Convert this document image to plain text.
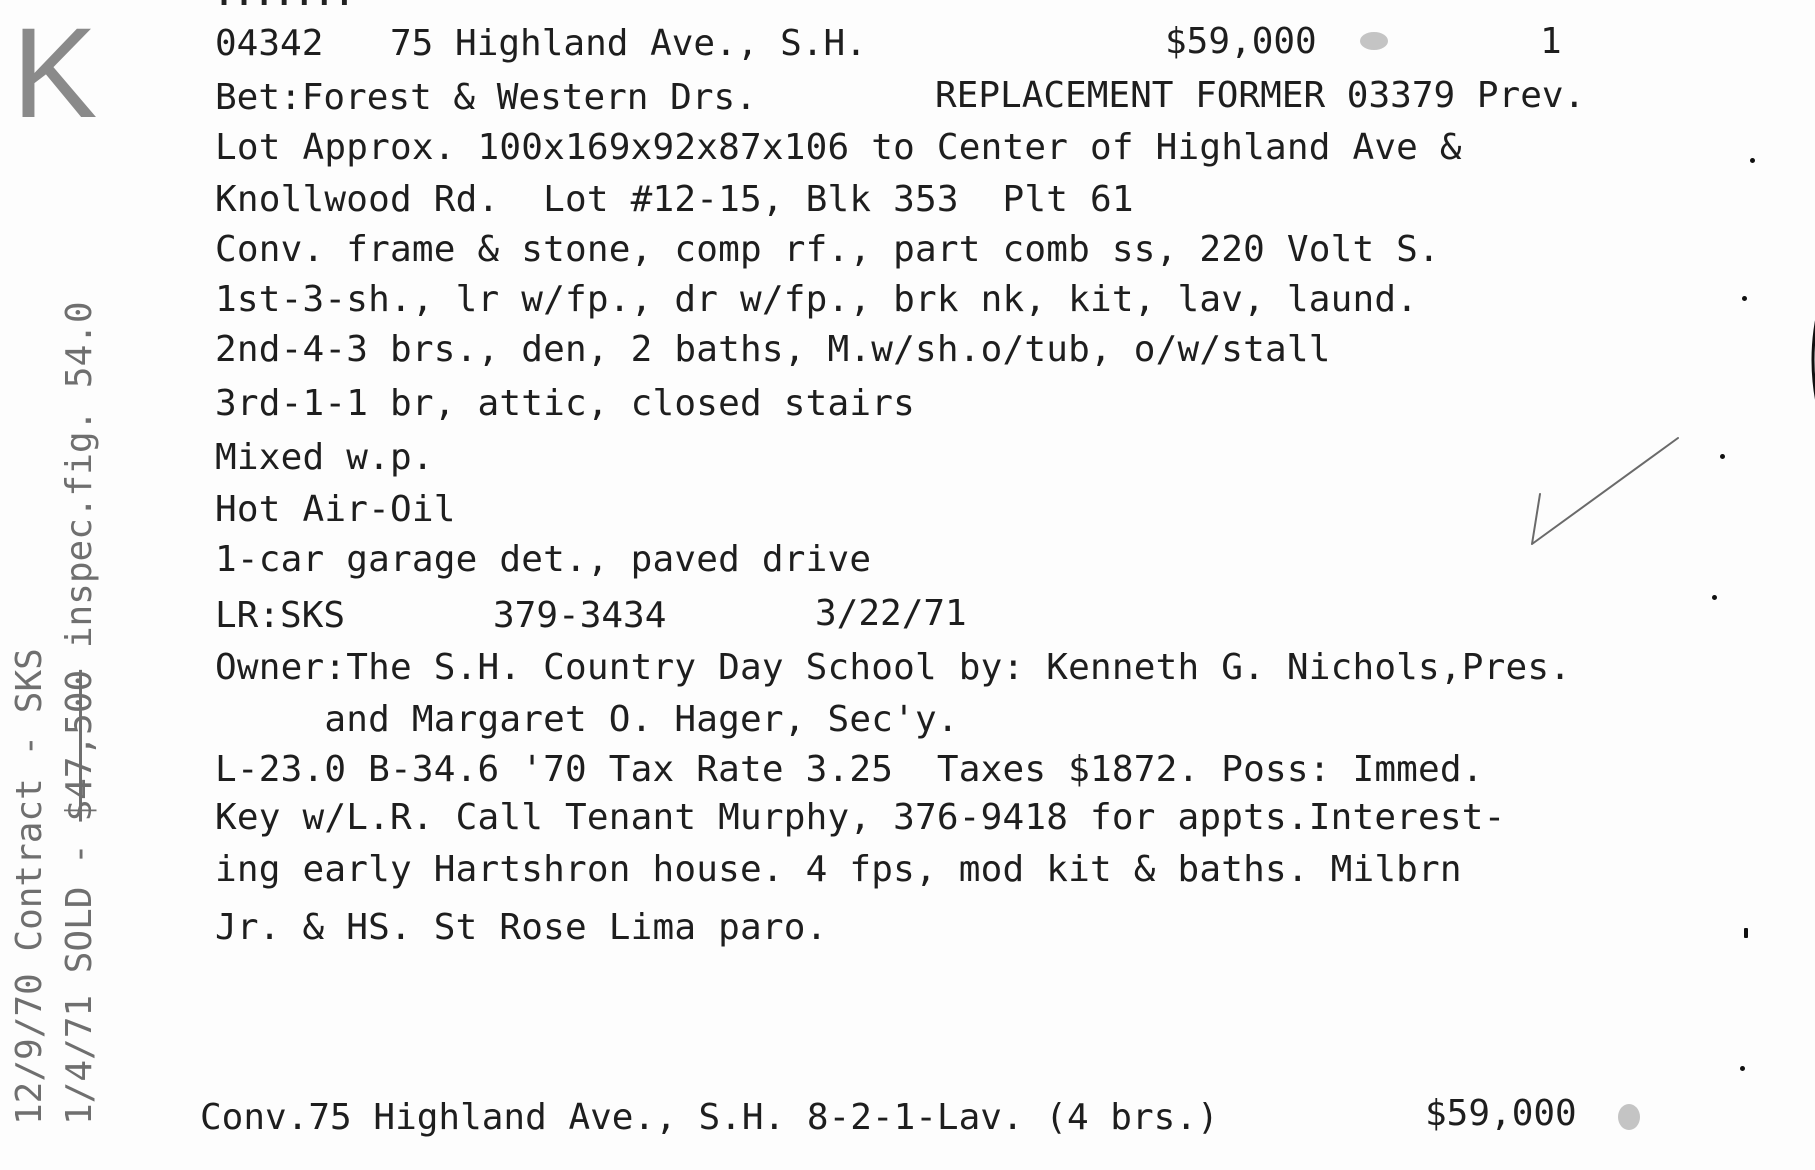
·······
K
12/9/70 Contract - SKS 1/4/71 SOLD - $47,500 inspec.fig. 54.0
04342 75 Highland Ave., S.H.	$59,000	1
Bet:Forest & Western Drs.	REPLACEMENT FORMER 03379 Prev.
Lot Approx. 100x169x92x87x106 to Center of Highland Ave &
Knollwood Rd.  Lot #12-15, Blk 353  Plt 61
Conv. frame & stone, comp rf., part comb ss, 220 Volt S.
1st-3-sh., lr w/fp., dr w/fp., brk nk, kit, lav, laund.
2nd-4-3 brs., den, 2 baths, M.w/sh.o/tub, o/w/stall
3rd-1-1 br, attic, closed stairs
Mixed w.p.
Hot Air-Oil
1-car garage det., paved drive
LR:SKS	379-3434	3/22/71
Owner:The S.H. Country Day School by: Kenneth G. Nichols,Pres.
and Margaret O. Hager, Sec'y.
L-23.0 B-34.6 '70 Tax Rate 3.25  Taxes $1872. Poss: Immed.
Key w/L.R. Call Tenant Murphy, 376-9418 for appts.Interest-
ing early Hartshron house. 4 fps, mod kit & baths. Milbrn
Jr. & HS. St Rose Lima paro.
Conv.75 Highland Ave., S.H. 8-2-1-Lav. (4 brs.)	$59,000
